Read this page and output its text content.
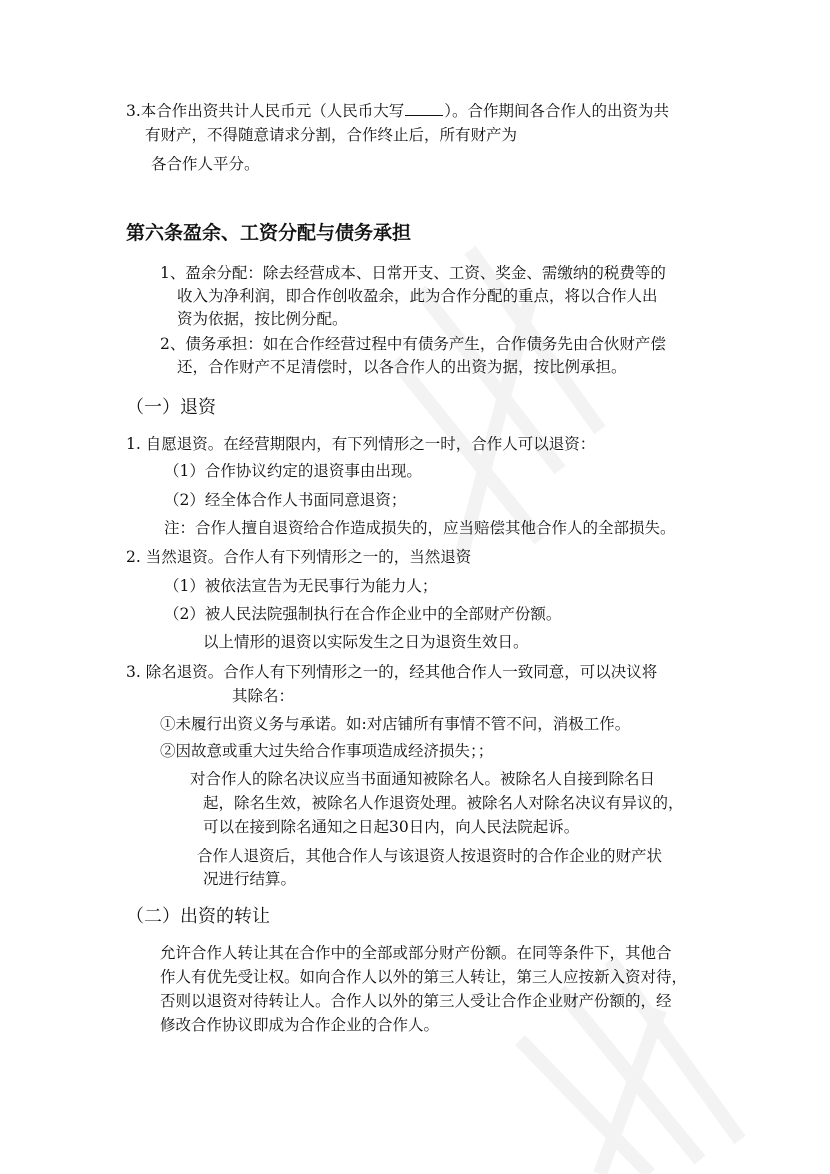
3.本合作出资共计人民币元（人民币大写	）。合作期间各合作人的出资为共
有财产，不得随意请求分割，合作终止后，所有财产为
各合作人平分。
第六条盈余、工资分配与债务承担
1、盈余分配：除去经营成本、日常开支、工资、奖金、需缴纳的税费等的
收入为净利润，即合作创收盈余，此为合作分配的重点，将以合作人出
资为依据，按比例分配。
2、债务承担：如在合作经营过程中有债务产生，合作债务先由合伙财产偿
还，合作财产不足清偿时，以各合作人的出资为据，按比例承担。
（一）退资
1. 自愿退资。在经营期限内，有下列情形之一时，合作人可以退资：
（1）合作协议约定的退资事由出现。
（2）经全体合作人书面同意退资；
注：合作人擅自退资给合作造成损失的，应当赔偿其他合作人的全部损失。
2. 当然退资。合作人有下列情形之一的，当然退资
（1）被依法宣告为无民事行为能力人；
（2）被人民法院强制执行在合作企业中的全部财产份额。
以上情形的退资以实际发生之日为退资生效日。
3. 除名退资。合作人有下列情形之一的，经其他合作人一致同意，可以决议将
其除名：
①未履行出资义务与承诺。如:对店铺所有事情不管不问，消极工作。
②因故意或重大过失给合作事项造成经济损失；；
对合作人的除名决议应当书面通知被除名人。被除名人自接到除名日
起，除名生效，被除名人作退资处理。被除名人对除名决议有异议的，
可以在接到除名通知之日起30日内，向人民法院起诉。
合作人退资后，其他合作人与该退资人按退资时的合作企业的财产状
况进行结算。
（二）出资的转让
允许合作人转让其在合作中的全部或部分财产份额。在同等条件下，其他合
作人有优先受让权。如向合作人以外的第三人转让，第三人应按新入资对待，
否则以退资对待转让人。合作人以外的第三人受让合作企业财产份额的，经
修改合作协议即成为合作企业的合作人。
